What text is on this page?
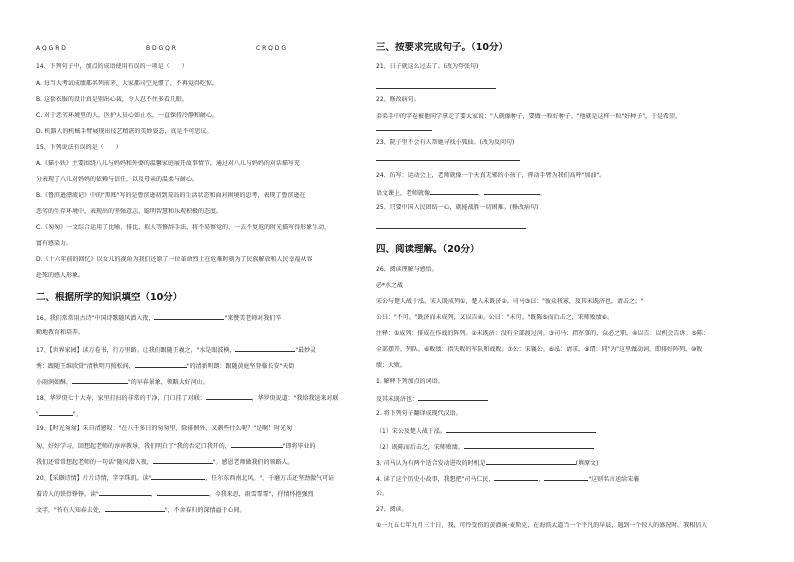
A Q G R D	B D G Q R	C R Q D G
14、下列句子中，加点的成语使用有误的一项是（　　）
A. 每当大考试成绩都名列前茅，大家都司空见惯了，不再觉得吃惊。
B. 这套衣服的设计真是别出心裁，令人忍不住多看几眼。
C. 对于恶劣环境里的人，医护人员心如止水，一直保持冷静和耐心。
D. 机器人的机械手臂展现出技艺精湛的美妙姿态，真是不可思议。
15、下列说法有误的是（　　）
A.《猫小妖》主要围绕八儿与妈妈和外婆的温馨家庭展开故事情节，通过对八儿与妈妈的对话描写充
分表现了八儿对妈妈的依赖与信任，以及母亲的温柔与耐心。
B.《鲁滨逊漂流记》中的"黑账"写的是鲁滨逊初到荒岛的生活状态和面对困境的思考，表现了鲁滨逊在
恶劣的生存环境中，表现出的坚强意志、聪明智慧和乐观积极的态度。
C.《匆匆》一文综合运用了比喻、排比、拟人等修辞手法，将不易察觉的、一去不复返的时光描写得形象生动、
富有感染力。
D.《十六年前的回忆》以女儿的视角为我们还原了一位革命烈士在危难时刻为了民族解放和人民幸福从容
赴死的感人形象。
二、根据所学的知识填空（10分）
16、我们常常用古诗"中国诗歌随风潜入夜，	"来赞美老师对我们辛
勤地教育和培养。
17、【世界家园】读万卷书，行万里路。让我们跟随王羲之，"水是眼波横，	"最妙灵
秀：跟随王维欣赏"清秋明月照松间，	"的清新明朗：跟随黄庭坚登临长安"天街
小雨润如酥，	"的早春景象，领略大好河山。
18、华罗庚七十大寿，家里打扫的非常的干净，门口挂了对联：	，华罗庚说道："我给我送来对联
"	"。
19、【时光匆匆】朱自清感叹："在八千多日的匆匆里，除徘徊外，又剩些什么呢？"是啊！时光匆
匆，好好学习，回想起老师的谆谆教导，我们明白了"我的否定口我开的，	"即将毕业的
我们还常常想起老师的一句话"随风潜入夜，	"。感恩老师做我们的领路人。
20、【采撷诗情】片片诗情，字字珠玑。读"	，任尔东西南北风。"，千磨万击还坚劲傲气可证
着诗人的铁骨铮铮。读"	，	。今我来思，雨雪霏霏"，抒情怀抱强烈
文字，"苔有人知春去处，	"，不舍春归的深情溢于心间。
三、按要求完成句子。（10分）
21、日子就这么过去了。(改为夸张句)
22、修改病句。
弟弟手中的字卷被他同学拿走了要大家说："人就像种子，要做一粒好种子。"他就是这样一粒"好种子"，于是希望。
23、院子里不会有人帮她寻找小狐仙。(改为反问句)
24、仿写：运动会上，老师就像一个天真无邪的小孩子，挥动手臂为我们高呼"加油"。
语文课上，老师就像	，	。
25、只要中国人民团结一心，就能战胜一切困难。(修改病句)
四、阅读理解。（20分）
26、阅读理解与感悟。
必*水之战
宋公与楚人战于泓。宋人既成列①，楚人未既济②。司马③曰："彼众我寡，及其未既济也，请击之。"
公曰："不可。"既济而未成列，又以告④。公曰："未可。"既陈⑤而后击之，宋师败绩⑥。
注释：①成列：排成在作战的阵列。②未既济：没有全部渡过河。③司马：指军事的、众必之职。④以告：以机会告诉。⑤陈：
全部摆开，列队。⑥败绩：指失败的军队和战败。⑦公：宋襄公。⑧泓：请求。⑨谓：同"为"这里做动词，即排好阵列。⑩败
绩：大败。
1. 解释下列加点的词语。
及其未既济也：
2. 将下列句子翻译成现代汉语。
（1）宋公及楚人战于泓。
（2）既陈而后击之，宋师败绩。
3. 司马认为有两个适合发动进攻的时机是	(填原文)
4. 读了这个历史小故事，我想把"司马仁民，	，	"这则名言送给宋襄
公。
27、阅读。
①一九五七年九月三十日，我，可怜受伤的黄潜溪·麦斯克，在海滨大道当一个平凡的早晨，遇到一个惊人的盛况时。我相信人
